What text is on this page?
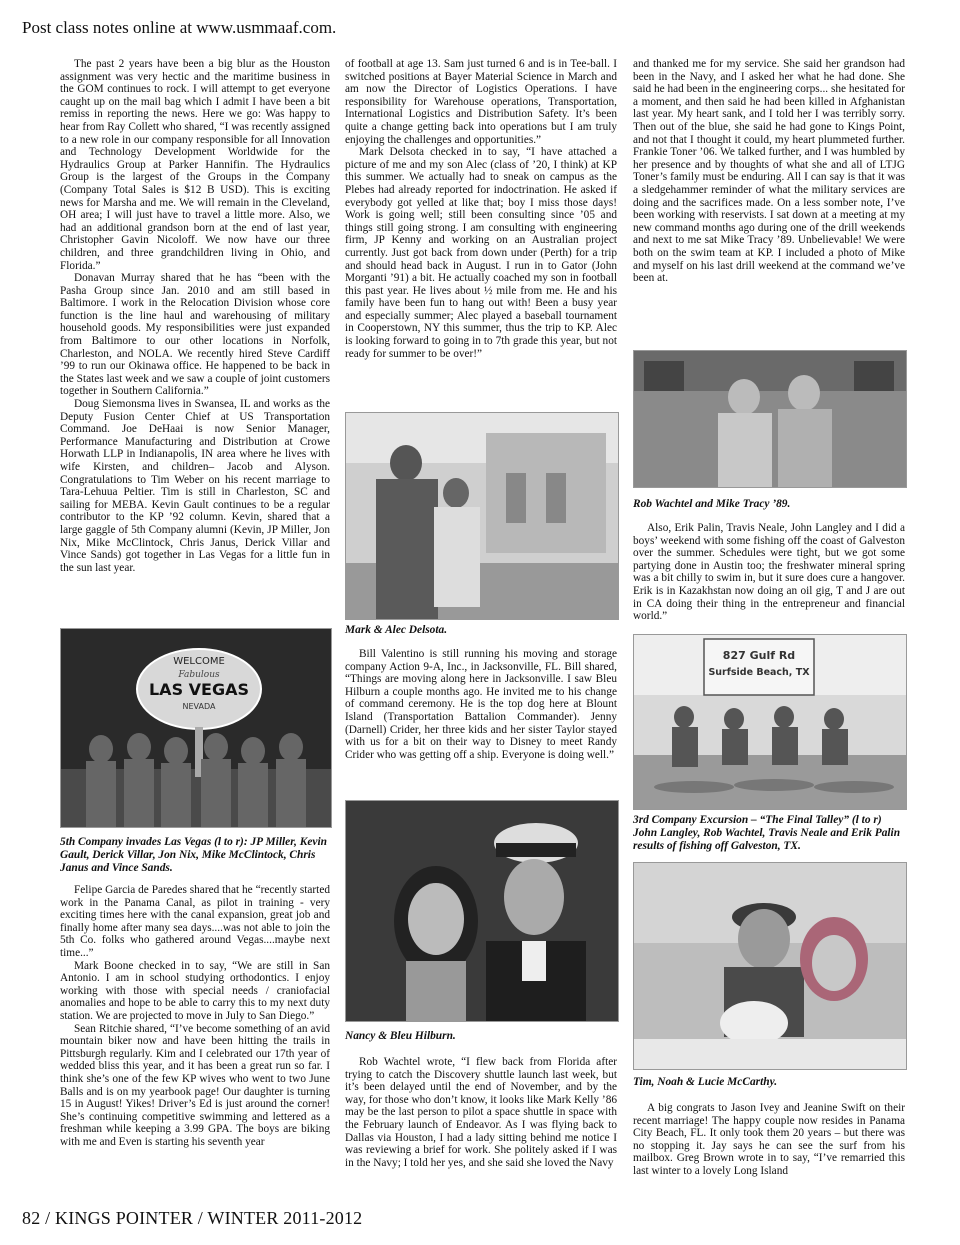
Post class notes online at www.usmmaaf.com.

The past 2 years have been a big blur as the Houston assignment was very hectic and the maritime business in the GOM continues to rock. I will attempt to get everyone caught up on the mail bag which I admit I have been a bit remiss in reporting the news. Here we go: Was happy to hear from Ray Collett who shared, “I was recently assigned to a new role in our company responsible for all Innovation and Technology Development Worldwide for the Hydraulics Group at Parker Hannifin. The Hydraulics Group is the largest of the Groups in the Company (Company Total Sales is $12 B USD). This is exciting news for Marsha and me. We will remain in the Cleveland, OH area; I will just have to travel a little more. Also, we had an additional grandson born at the end of last year, Christopher Gavin Nicoloff. We now have our three children, and three grandchildren living in Ohio, and Florida.”

Donavan Murray shared that he has “been with the Pasha Group since Jan. 2010 and am still based in Baltimore. I work in the Relocation Division whose core function is the line haul and warehousing of military household goods. My responsibilities were just expanded from Baltimore to our other locations in Norfolk, Charleston, and NOLA. We recently hired Steve Cardiff ’99 to run our Okinawa office. He happened to be back in the States last week and we saw a couple of joint customers together in Southern California.”

Doug Siemonsma lives in Swansea, IL and works as the Deputy Fusion Center Chief at US Transportation Command. Joe DeHaai is now Senior Manager, Performance Manufacturing and Distribution at Crowe Horwath LLP in Indianapolis, IN area where he lives with wife Kirsten, and children– Jacob and Alyson. Congratulations to Tim Weber on his recent marriage to Tara-Lehuua Peltier. Tim is still in Charleston, SC and sailing for MEBA. Kevin Gault continues to be a regular contributor to the KP ’92 column. Kevin, shared that a large gaggle of 5th Company alumni (Kevin, JP Miller, Jon Nix, Mike McClintock, Chris Janus, Derick Villar and Vince Sands) got together in Las Vegas for a little fun in the sun last year.

WELCOME
Fabulous
LAS VEGAS
NEVADA
5th Company invades Las Vegas (l to r): JP Miller, Kevin Gault, Derick Villar, Jon Nix, Mike McClintock, Chris Janus and Vince Sands.

Felipe Garcia de Paredes shared that he “recently started work in the Panama Canal, as pilot in training - very exciting times here with the canal expansion, great job and finally home after many sea days....was not able to join the 5th Co. folks who gathered around Vegas....maybe next time...”

Mark Boone checked in to say, “We are still in San Antonio. I am in school studying orthodontics. I enjoy working with those with special needs / craniofacial anomalies and hope to be able to carry this to my next duty station. We are projected to move in July to San Diego.”

Sean Ritchie shared, “I’ve become something of an avid mountain biker now and have been hitting the trails in Pittsburgh regularly. Kim and I celebrated our 17th year of wedded bliss this year, and it has been a great run so far. I think she’s one of the few KP wives who went to two June Balls and is on my yearbook page! Our daughter is turning 15 in August! Yikes! Driver’s Ed is just around the corner! She’s continuing competitive swimming and lettered as a freshman while keeping a 3.99 GPA. The boys are biking with me and Even is starting his seventh year

of football at age 13. Sam just turned 6 and is in Tee-ball. I switched positions at Bayer Material Science in March and am now the Director of Logistics Operations. I have responsibility for Warehouse operations, Transportation, International Logistics and Distribution Safety. It’s been quite a change getting back into operations but I am truly enjoying the challenges and opportunities.”

Mark Delsota checked in to say, “I have attached a picture of me and my son Alec (class of ’20, I think) at KP this summer. We actually had to sneak on campus as the Plebes had already reported for indoctrination. He asked if everybody got yelled at like that; boy I miss those days! Work is going well; still been consulting since ’05 and things still going strong. I am consulting with engineering firm, JP Kenny and working on an Australian project currently. Just got back from down under (Perth) for a trip and should head back in August. I run in to Gator (John Morganti ’91) a bit. He actually coached my son in football this past year. He lives about ½ mile from me. He and his family have been fun to hang out with! Been a busy year and especially summer; Alec played a baseball tournament in Cooperstown, NY this summer, thus the trip to KP. Alec is looking forward to going in to 7th grade this year, but not ready for summer to be over!”

Mark & Alec Delsota.

Bill Valentino is still running his moving and storage company Action 9-A, Inc., in Jacksonville, FL. Bill shared, “Things are moving along here in Jacksonville. I saw Bleu Hilburn a couple months ago. He invited me to his change of command ceremony. He is the top dog here at Blount Island (Transportation Battalion Commander). Jenny (Darnell) Crider, her three kids and her sister Taylor stayed with us for a bit on their way to Disney to meet Randy Crider who was getting off a ship. Everyone is doing well.”

Nancy & Bleu Hilburn.

Rob Wachtel wrote, “I flew back from Florida after trying to catch the Discovery shuttle launch last week, but it’s been delayed until the end of November, and by the way, for those who don’t know, it looks like Mark Kelly ’86 may be the last person to pilot a space shuttle in space with the February launch of Endeavor. As I was flying back to Dallas via Houston, I had a lady sitting behind me notice I was reviewing a brief for work. She politely asked if I was in the Navy; I told her yes, and she said she loved the Navy

and thanked me for my service. She said her grandson had been in the Navy, and I asked her what he had done. She said he had been in the engineering corps... she hesitated for a moment, and then said he had been killed in Afghanistan last year. My heart sank, and I told her I was terribly sorry. Then out of the blue, she said he had gone to Kings Point, and not that I thought it could, my heart plummeted further. Frankie Toner ’06. We talked further, and I was humbled by her presence and by thoughts of what she and all of LTJG Toner’s family must be enduring. All I can say is that it was a sledgehammer reminder of what the military services are doing and the sacrifices made. On a less somber note, I’ve been working with reservists. I sat down at a meeting at my new command months ago during one of the drill weekends and next to me sat Mike Tracy ’89. Unbelievable! We were both on the swim team at KP. I included a photo of Mike and myself on his last drill weekend at the command we’ve been at.

Rob Wachtel and Mike Tracy ’89.

Also, Erik Palin, Travis Neale, John Langley and I did a boys’ weekend with some fishing off the coast of Galveston over the summer. Schedules were tight, but we got some partying done in Austin too; the freshwater mineral spring was a bit chilly to swim in, but it sure does cure a hangover. Erik is in Kazakhstan now doing an oil gig, T and J are out in CA doing their thing in the entrepreneur and financial world.”

827 Gulf Rd
Surfside Beach, TX
3rd Company Excursion – “The Final Talley” (l to r) John Langley, Rob Wachtel, Travis Neale and Erik Palin results of fishing off Galveston, TX.
Tim, Noah & Lucie McCarthy.

A big congrats to Jason Ivey and Jeanine Swift on their recent marriage! The happy couple now resides in Panama City Beach, FL. It only took them 20 years – but there was no stopping it. Jay says he can see the surf from his mailbox. Greg Brown wrote in to say, “I’ve remarried this last winter to a lovely Long Island

82 / KINGS POINTER / WINTER 2011-2012
